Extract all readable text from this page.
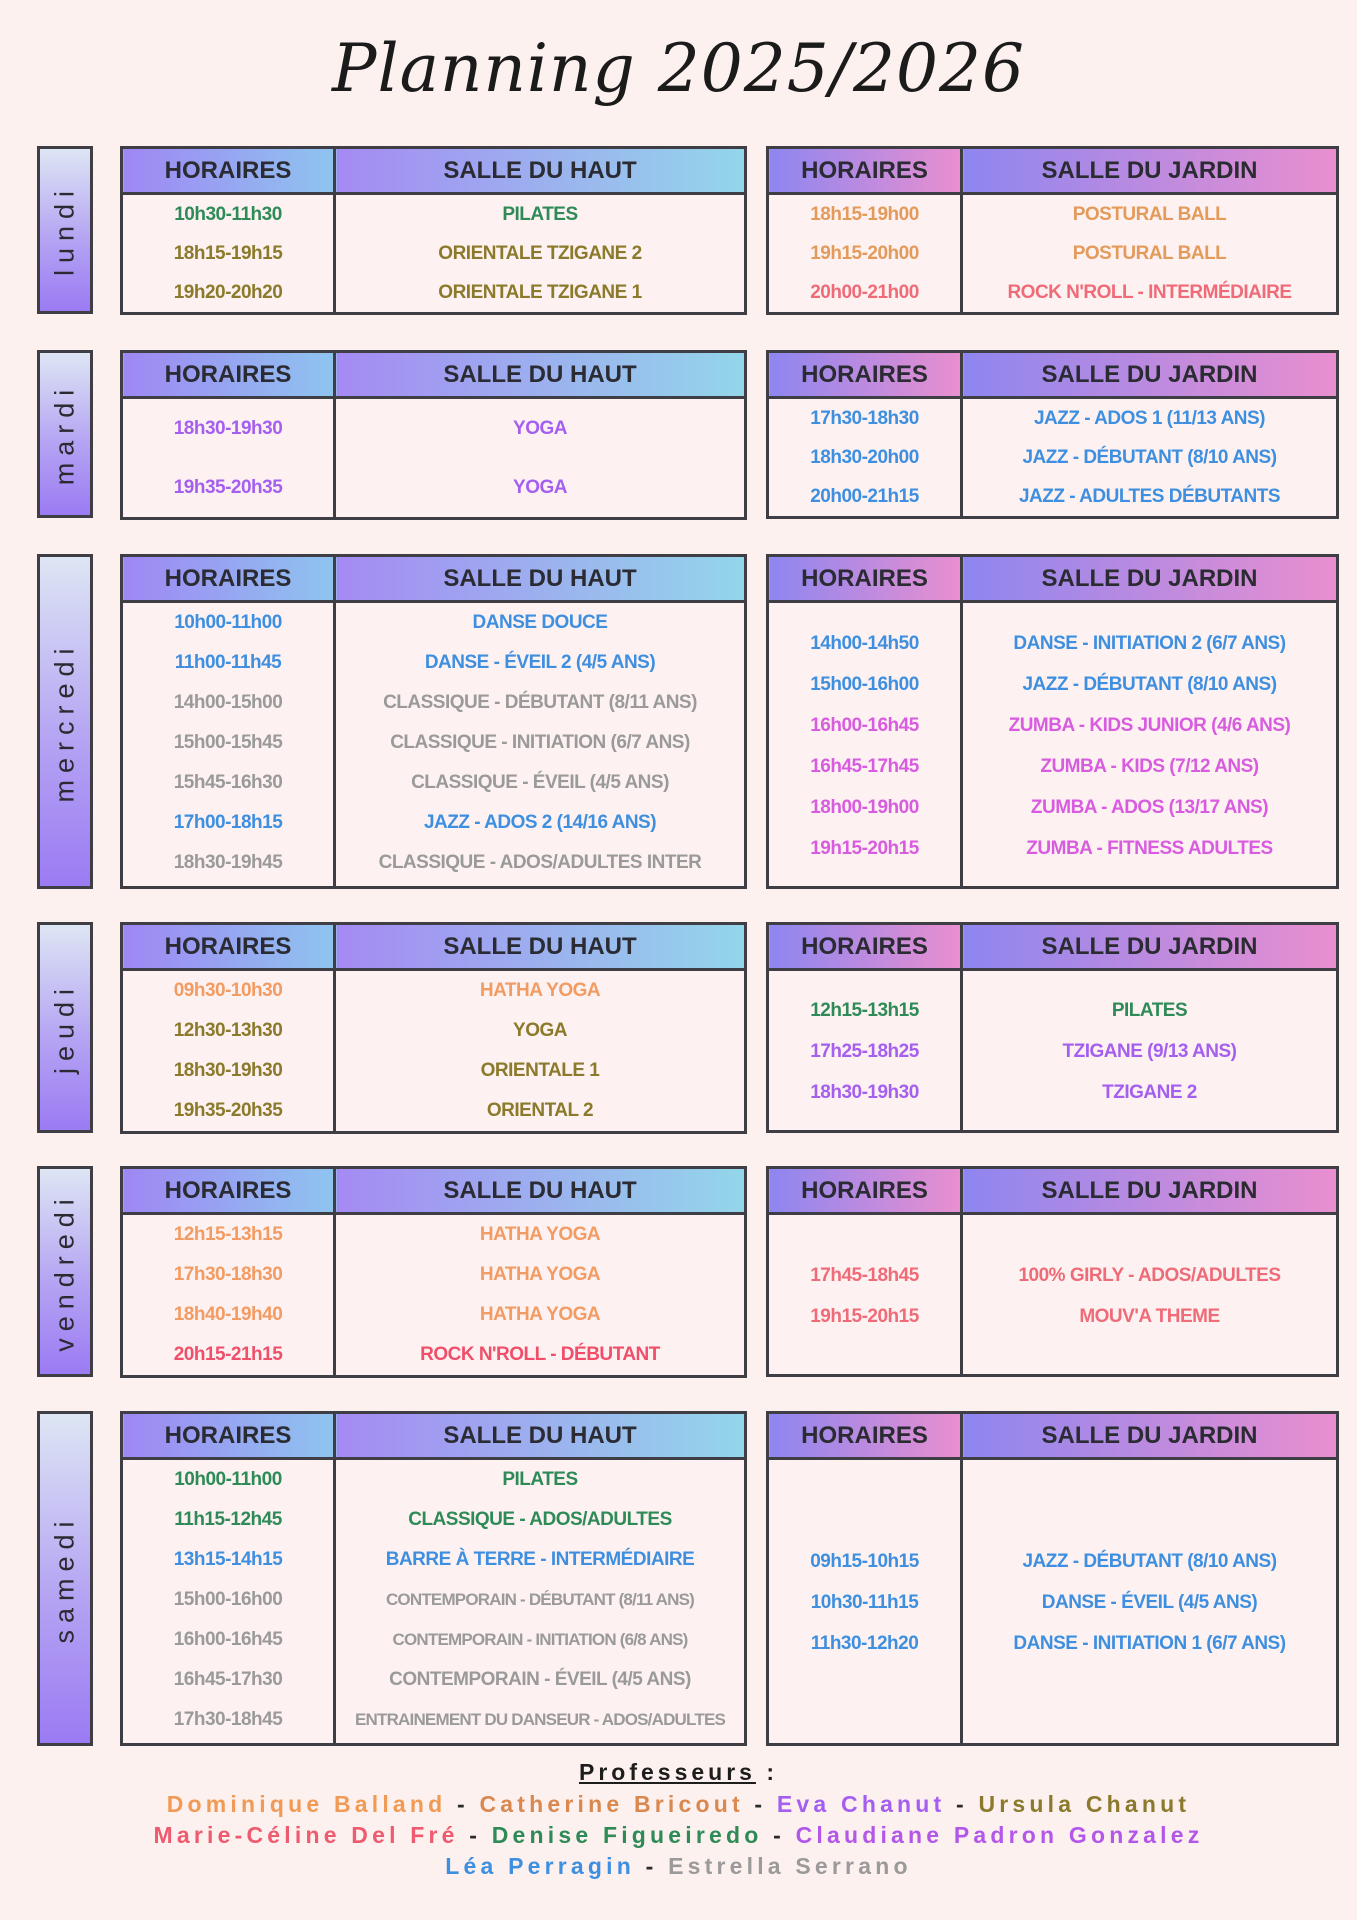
Planning 2025/2026
lundi
HORAIRES	SALLE DU HAUT
10h30-11h30	PILATES
18h15-19h15	ORIENTALE TZIGANE 2
19h20-20h20	ORIENTALE TZIGANE 1

HORAIRES	SALLE DU JARDIN
18h15-19h00	POSTURAL BALL
19h15-20h00	POSTURAL BALL
20h00-21h00	ROCK N'ROLL - INTERMÉDIAIRE

mardi
HORAIRES	SALLE DU HAUT
18h30-19h30	YOGA
19h35-20h35	YOGA

HORAIRES	SALLE DU JARDIN
17h30-18h30	JAZZ - ADOS 1 (11/13 ANS)
18h30-20h00	JAZZ - DÉBUTANT (8/10 ANS)
20h00-21h15	JAZZ - ADULTES DÉBUTANTS

mercredi
HORAIRES	SALLE DU HAUT
10h00-11h00	DANSE DOUCE
11h00-11h45	DANSE - ÉVEIL 2 (4/5 ANS)
14h00-15h00	CLASSIQUE - DÉBUTANT (8/11 ANS)
15h00-15h45	CLASSIQUE - INITIATION (6/7 ANS)
15h45-16h30	CLASSIQUE - ÉVEIL (4/5 ANS)
17h00-18h15	JAZZ - ADOS 2 (14/16 ANS)
18h30-19h45	CLASSIQUE - ADOS/ADULTES INTER

HORAIRES	SALLE DU JARDIN

14h00-14h50	DANSE - INITIATION 2 (6/7 ANS)
15h00-16h00	JAZZ - DÉBUTANT (8/10 ANS)
16h00-16h45	ZUMBA - KIDS JUNIOR (4/6 ANS)
16h45-17h45	ZUMBA - KIDS (7/12 ANS)
18h00-19h00	ZUMBA - ADOS (13/17 ANS)
19h15-20h15	ZUMBA - FITNESS ADULTES

jeudi
HORAIRES	SALLE DU HAUT
09h30-10h30	HATHA YOGA
12h30-13h30	YOGA
18h30-19h30	ORIENTALE 1
19h35-20h35	ORIENTAL 2

HORAIRES	SALLE DU JARDIN

12h15-13h15	PILATES
17h25-18h25	TZIGANE (9/13 ANS)
18h30-19h30	TZIGANE 2

vendredi
HORAIRES	SALLE DU HAUT
12h15-13h15	HATHA YOGA
17h30-18h30	HATHA YOGA
18h40-19h40	HATHA YOGA
20h15-21h15	ROCK N'ROLL - DÉBUTANT

HORAIRES	SALLE DU JARDIN

17h45-18h45	100% GIRLY - ADOS/ADULTES
19h15-20h15	MOUV'A THEME

samedi
HORAIRES	SALLE DU HAUT
10h00-11h00	PILATES
11h15-12h45	CLASSIQUE - ADOS/ADULTES
13h15-14h15	BARRE À TERRE - INTERMÉDIAIRE
15h00-16h00	CONTEMPORAIN - DÉBUTANT (8/11 ANS)
16h00-16h45	CONTEMPORAIN - INITIATION (6/8 ANS)
16h45-17h30	CONTEMPORAIN - ÉVEIL (4/5 ANS)
17h30-18h45	ENTRAINEMENT DU DANSEUR - ADOS/ADULTES

HORAIRES	SALLE DU JARDIN

09h15-10h15	JAZZ - DÉBUTANT (8/10 ANS)
10h30-11h15	DANSE - ÉVEIL (4/5 ANS)
11h30-12h20	DANSE - INITIATION 1 (6/7 ANS)

Professeurs :
Dominique Balland - Catherine Bricout - Eva Chanut - Ursula Chanut
Marie-Céline Del Fré - Denise Figueiredo - Claudiane Padron Gonzalez
Léa Perragin - Estrella Serrano
